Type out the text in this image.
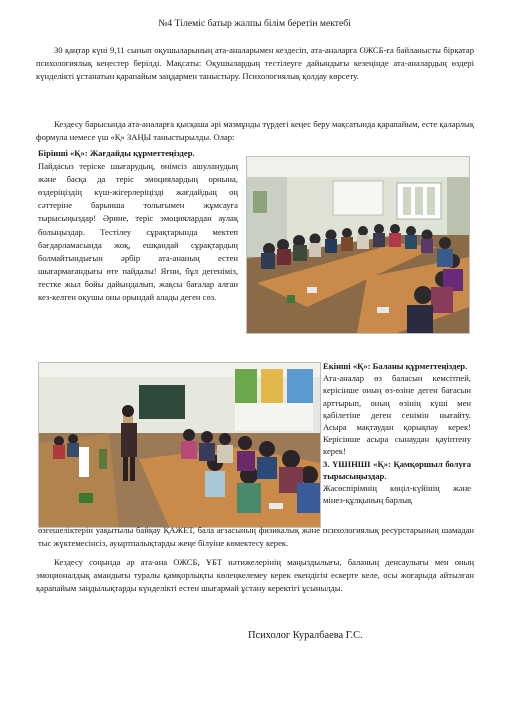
№4 Тілеміс батыр жалпы білім беретін мектебі
30 қаңтар күні 9,11 сынып оқушыларының ата-аналарымен кездесіп, ата-аналарға ОЖСБ-ға байланысты біркатар психологиялық кеңестер берілді. Мақсаты: Оқушылардың тестілеуге дайындығы кезеңінде ата-аналардың өздері күнделікті ұстанатын қарапайым заңдармен таныстыру. Психологиялық қолдау көрсету.
Кездесу барысында ата-аналарға қысқаша әрі мазмұнды түрдегі кеңес беру мақсатында қарапайым, есте қаларлық формула немесе үш «Қ» ЗАҢЫ таныстырылды. Олар:
Бірінші «Қ»: Жағдайды құрметтеңіздер.
Пайдасыз теріске шығарудың, өнімсіз ашуланудың және басқа да теріс эмоциялардың орнына, өздеріңіздің күш-жігерлеріңізді жағдайдың оң сәттеріне барынша толығымен жұмсауға тырысыңыздар! Әрине, теріс эмоциялардан аулақ болыңыздар. Тестілеу сұрақтарында мектеп бағдарламасында жоқ, ешқандай сұрақтардың болмайтындығын әрбір ата-ананың естен шығармағандығы өте пайдалы! Яғни, бұл дегеніміз, тестке жыл бойы дайындалып, жақсы бағалар алған кез-келген оқушы оны орындай алады деген сөз.
Екінші «Қ»: Баланы құрметтеңіздер.
Ата-аналар өз баласын кемсітпей, керісінше оның өз-өзіне деген бағасын арттырып, оның өзінің күші мен қабілетіне деген сенімін нығайту. Асыра мақтаудан қорықпау керек! Керісінше асыра сынаудан қауіптену керек!
3. ҮШІНШІ «Қ»: Қамқоршыл болуға тырысыңыздар.
Жасөспірімнің көңіл-күйінің және мінез-құлқының барлық
өзгешеліктерін уақытылы байқау ҚАЖЕТ, бала ағзасының физикалық және психологиялық ресурстарының шамадан тыс жүктемесінсіз, ауыртпалықтарды жеңе білуіне көмектесу керек.
Кездесу соңында әр ата-ана ОЖСБ, ҰБТ нәтижелерінің маңыздылығы, баланың денсаулығы мен оның эмоционалдық амандығы туралы қамқорлықты көлеңкелемеу керек екендігін ескерте келе, осы жоғарыда айтылған қарапайым заңдылықтарды күнделікті естен шығармай ұстану керектігі ұсынылды.
Психолог Куралбаева Г.С.
